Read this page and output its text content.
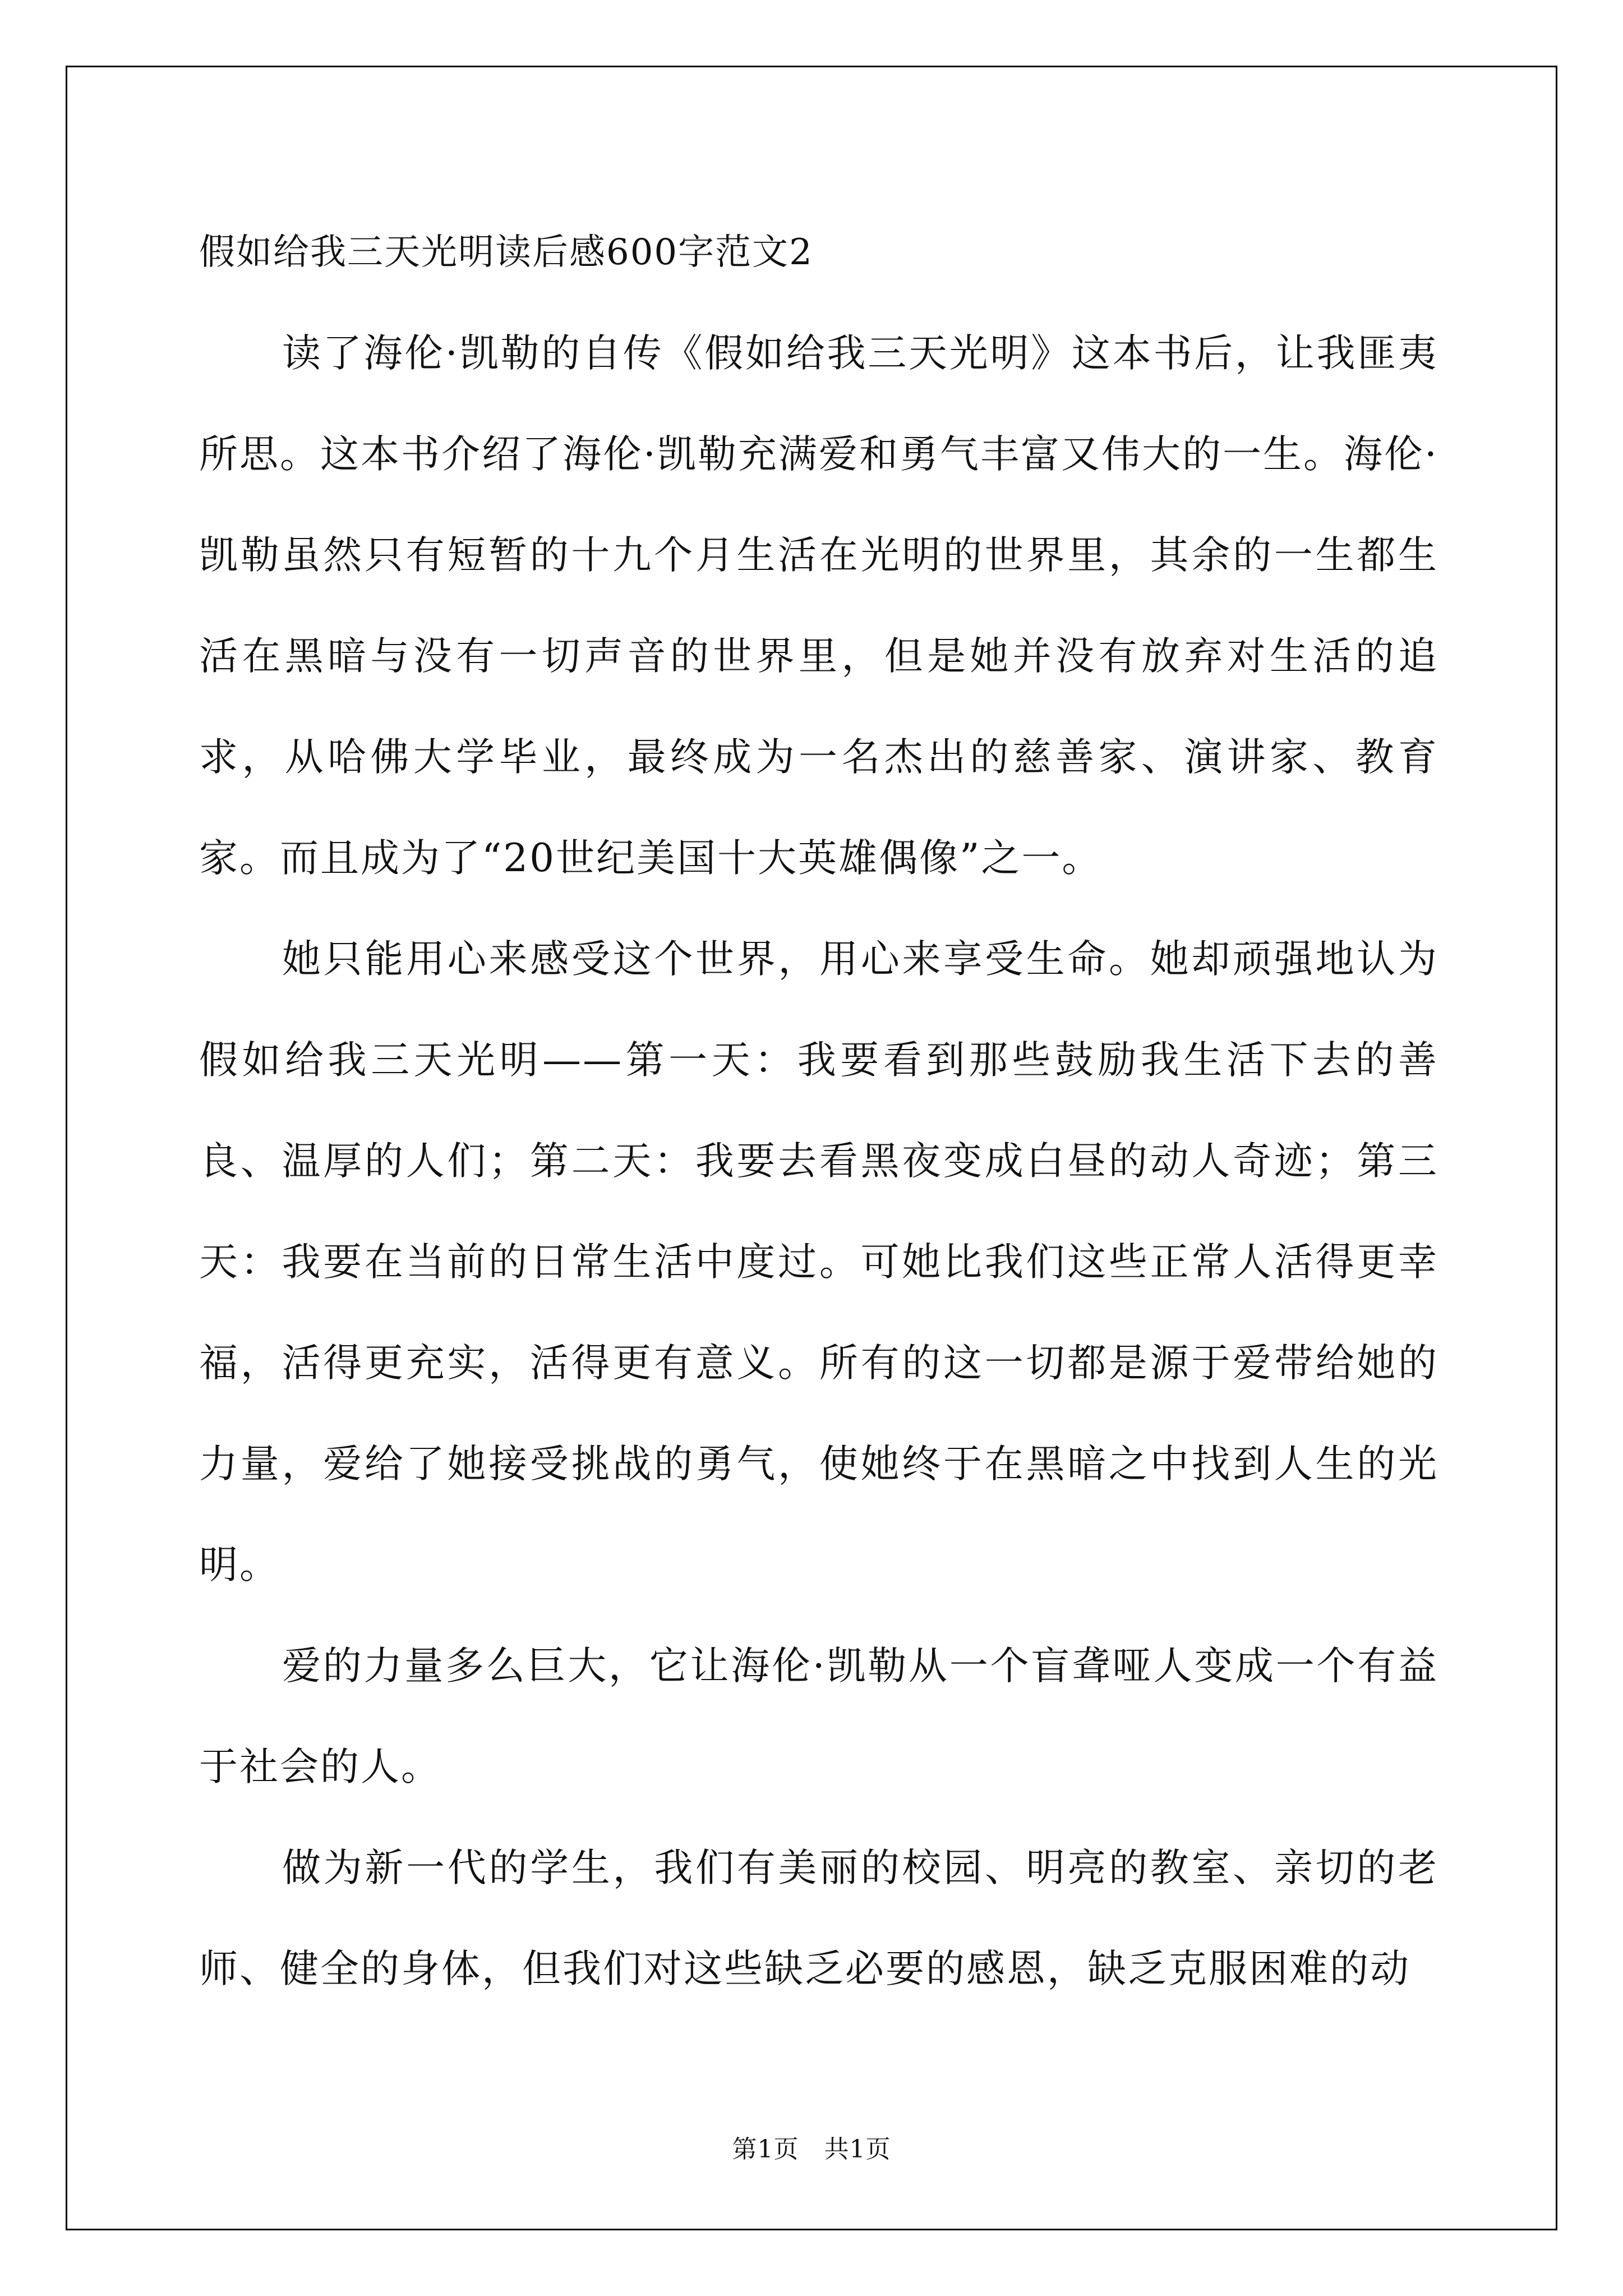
假如给我三天光明读后感600字范文2

读了海伦·凯勒的自传《假如给我三天光明》这本书后，让我匪夷所思。这本书介绍了海伦·凯勒充满爱和勇气丰富又伟大的一生。海伦·凯勒虽然只有短暂的十九个月生活在光明的世界里，其余的一生都生活在黑暗与没有一切声音的世界里，但是她并没有放弃对生活的追求，从哈佛大学毕业，最终成为一名杰出的慈善家、演讲家、教育家。而且成为了“20世纪美国十大英雄偶像”之一。

她只能用心来感受这个世界，用心来享受生命。她却顽强地认为假如给我三天光明——第一天：我要看到那些鼓励我生活下去的善良、温厚的人们；第二天：我要去看黑夜变成白昼的动人奇迹；第三天：我要在当前的日常生活中度过。可她比我们这些正常人活得更幸福，活得更充实，活得更有意义。所有的这一切都是源于爱带给她的力量，爱给了她接受挑战的勇气，使她终于在黑暗之中找到人生的光明。

爱的力量多么巨大，它让海伦·凯勒从一个盲聋哑人变成一个有益于社会的人。

做为新一代的学生，我们有美丽的校园、明亮的教室、亲切的老师、健全的身体，但我们对这些缺乏必要的感恩，缺乏克服困难的动

第1页　共1页
